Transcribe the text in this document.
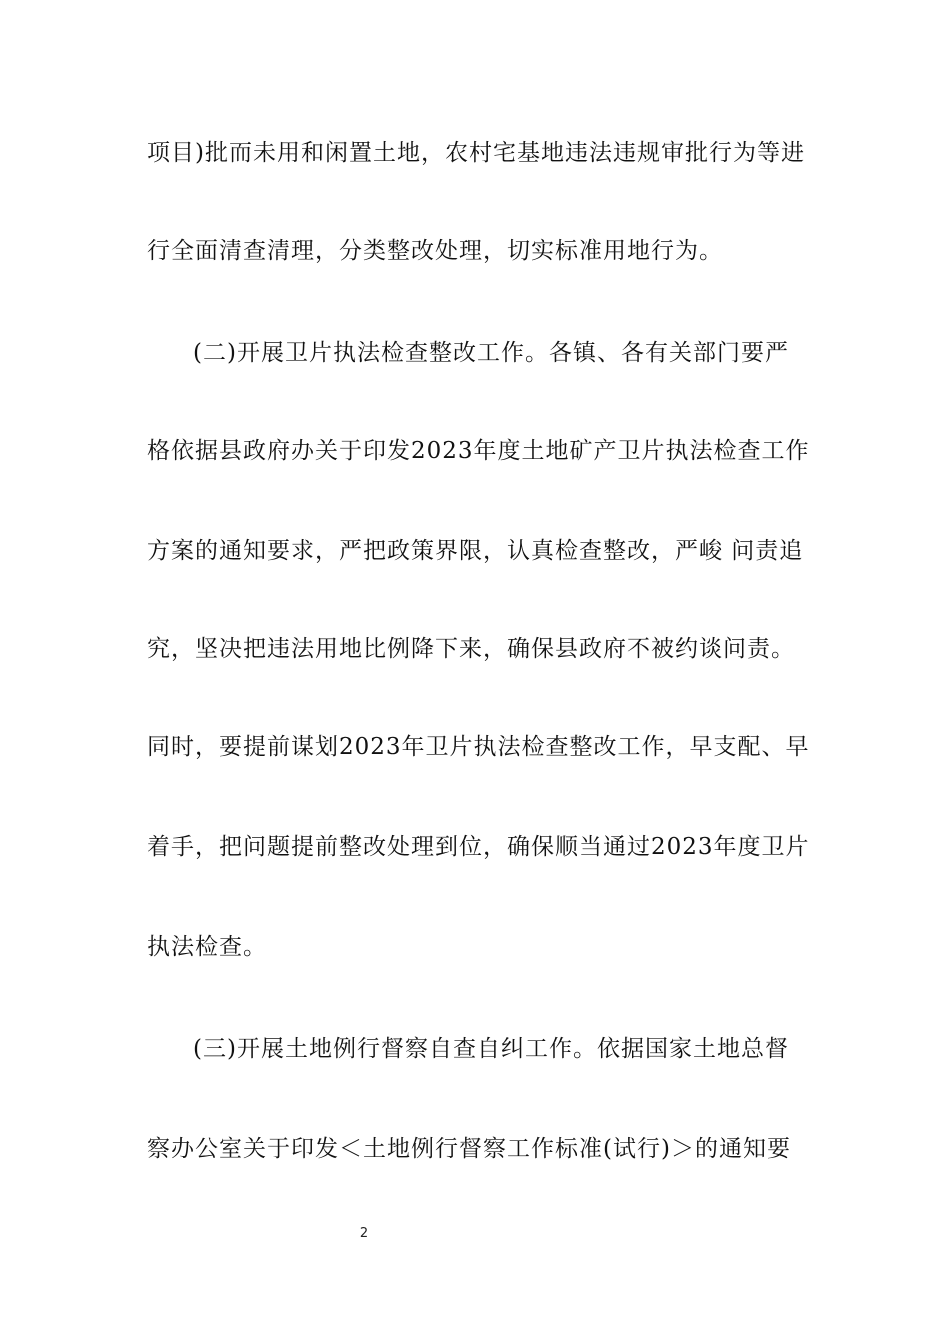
项目)批而未用和闲置土地，农村宅基地违法违规审批行为等进
行全面清查清理，分类整改处理，切实标准用地行为。
(二)开展卫片执法检查整改工作。各镇、各有关部门要严
格依据县政府办关于印发2023年度土地矿产卫片执法检查工作
方案的通知要求，严把政策界限，认真检查整改，严峻 问责追
究，坚决把违法用地比例降下来，确保县政府不被约谈问责。
同时，要提前谋划2023年卫片执法检查整改工作，早支配、早
着手，把问题提前整改处理到位，确保顺当通过2023年度卫片
执法检查。
(三)开展土地例行督察自查自纠工作。依据国家土地总督
察办公室关于印发＜土地例行督察工作标准(试行)＞的通知要
2
